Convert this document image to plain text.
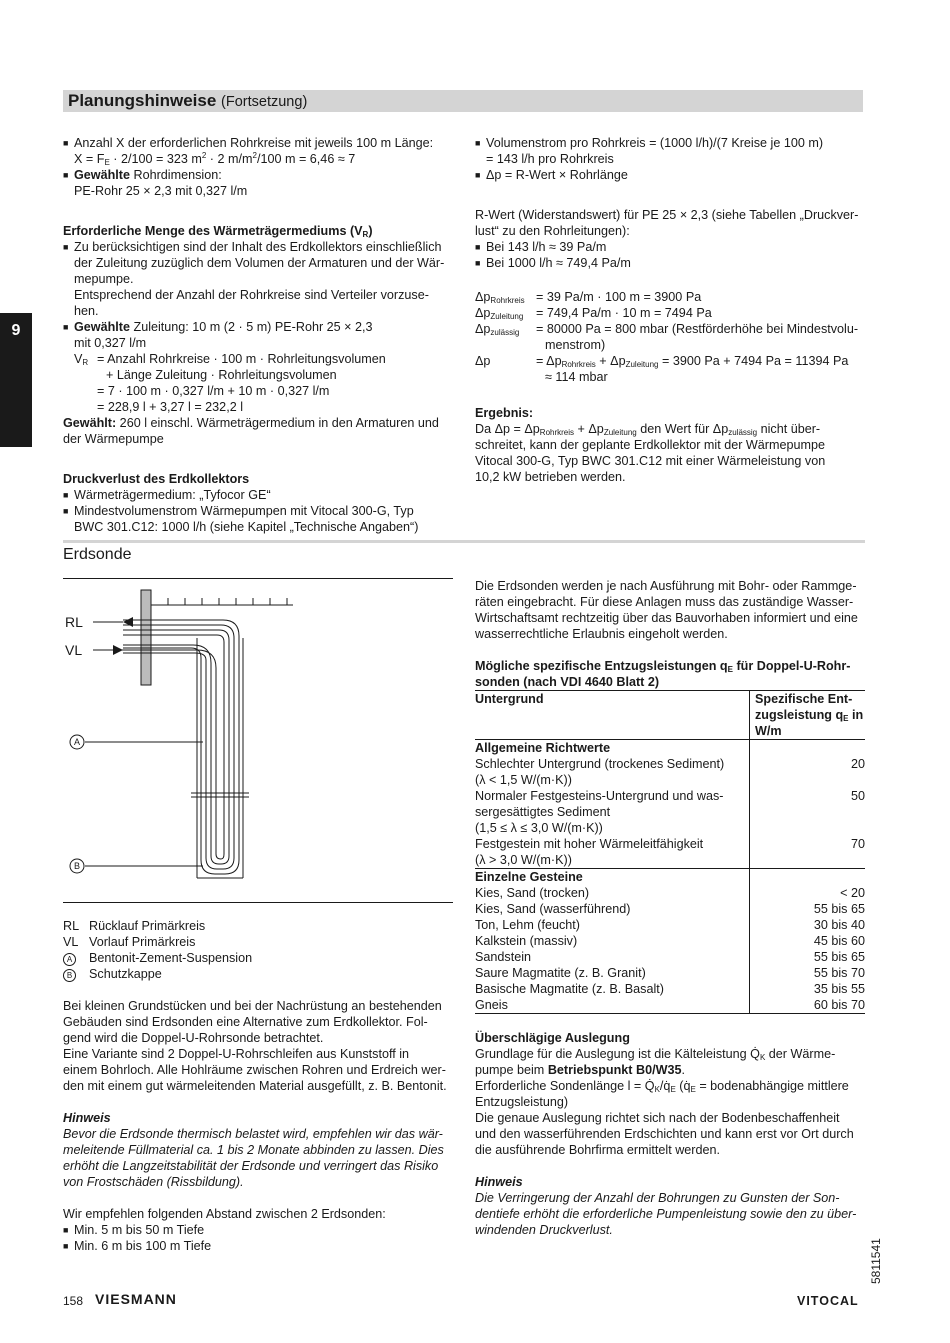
Planungshinweise (Fortsetzung)
9

■ Anzahl X der erforderlichen Rohrkreise mit jeweils 100 m Länge:
$X = F_E \cdot 2/100 = 323$ $m^2 \cdot 2$ $m/m^2/100$ m = 6,46 ≈ 7

■ Gewählte Rohrdimension:
PE-Rohr 25 × 2,3 mit 0,327 l/m

Erforderliche Menge des Wärmeträgermediums $(V_R)$

■ Zu berücksichtigen sind der Inhalt des Erdkollektors einschließlich
der Zuleitung zuzüglich dem Volumen der Armaturen und der Wär-
mepumpe.
Entsprechend der Anzahl der Rohrkreise sind Verteiler vorzuse-
hen.

■ Gewählte Zuleitung: 10 m (2 · 5 m) PE-Rohr 25 × 2,3
mit 0,327 l/m

$V_R$ = Anzahl Rohrkreise · 100 m · Rohrleitungsvolumen
+ Länge Zuleitung · Rohrleitungsvolumen
= 7 · 100 m · 0,327 l/m + 10 m · 0,327 l/m
= 228,9 l + 3,27 l = 232,2 l

Gewählt: 260 l einschl. Wärmeträgermedium in den Armaturen und
der Wärmepumpe

Druckverlust des Erdkollektors

■ Wärmeträgermedium: „Tyfocor GE“

■ Mindestvolumenstrom Wärmepumpen mit Vitocal 300-G, Typ
BWC 301.C12: 1000 l/h (siehe Kapitel „Technische Angaben“)

■ Volumenstrom pro Rohrkreis = (1000 l/h)/(7 Kreise je 100 m)
= 143 l/h pro Rohrkreis

■ Δp = R-Wert × Rohrlänge

R-Wert (Widerstandswert) für PE 25 × 2,3 (siehe Tabellen „Druckver-
lust“ zu den Rohrleitungen):

■ Bei 143 l/h ≈ 39 Pa/m

■ Bei 1000 l/h ≈ 749,4 Pa/m

$\Delta p_{Rohrkreis} = 39$ Pa/m · 100 m = 3900 Pa
$\Delta p_{Zuleitung}$	= 749,4 Pa/m · 10 m = 7494 Pa
$\Delta p_{zulässig}$	= 80000 Pa = 800 mbar (Restförderhöhe bei Mindestvolu-
menstrom)
Δp	= $\Delta p_{Rohrkreis} + \Delta p_{Zuleitung} = 3900$ Pa + 7494 Pa = 11394 Pa
≈ 114 mbar

Ergebnis:

Da $\Delta p = \Delta p_{Rohrkreis} + \Delta p_{Zuleitung}$ den Wert für $\Delta p_{zulässig}$ nicht über-
schreitet, kann der geplante Erdkollektor mit der Wärmepumpe
Vitocal 300-G, Typ BWC 301.C12 mit einer Wärmeleistung von
10,2 kW betrieben werden.

Erdsonde
RL
VL
A
B
RL	Rücklauf Primärkreis
VL	Vorlauf Primärkreis
A	Bentonit-Zement-Suspension
B	Schutzkappe

Bei kleinen Grundstücken und bei der Nachrüstung an bestehenden
Gebäuden sind Erdsonden eine Alternative zum Erdkollektor. Fol-
gend wird die Doppel-U-Rohrsonde betrachtet.
Eine Variante sind 2 Doppel-U-Rohrschleifen aus Kunststoff in
einem Bohrloch. Alle Hohlräume zwischen Rohren und Erdreich wer-
den mit einem gut wärmeleitenden Material ausgefüllt, z. B. Bentonit.

Hinweis

Bevor die Erdsonde thermisch belastet wird, empfehlen wir das wär-
meleitende Füllmaterial ca. 1 bis 2 Monate abbinden zu lassen. Dies
erhöht die Langzeitstabilität der Erdsonde und verringert das Risiko
von Frostschäden (Rissbildung).

Wir empfehlen folgenden Abstand zwischen 2 Erdsonden:

■ Min. 5 m bis 50 m Tiefe

■ Min. 6 m bis 100 m Tiefe

Die Erdsonden werden je nach Ausführung mit Bohr- oder Rammge-
räten eingebracht. Für diese Anlagen muss das zuständige Wasser-
Wirtschaftsamt rechtzeitig über das Bauvorhaben informiert und eine
wasserrechtliche Erlaubnis eingeholt werden.

Mögliche spezifische Entzugsleistungen $q_E$ für Doppel-U-Rohr-
sonden (nach VDI 4640 Blatt 2)

Untergrund	Spezifische Ent-
zugsleistung $q_E$ in
W/m
Allgemeine Richtwerte	
Schlechter Untergrund (trockenes Sediment)
(λ < 1,5 W/(m·K))	20
Normaler Festgesteins-Untergrund und was-
sergesättigtes Sediment
(1,5 ≤ λ ≤ 3,0 W/(m·K))	50
Festgestein mit hoher Wärmeleitfähigkeit
(λ > 3,0 W/(m·K))	70
Einzelne Gesteine	
Kies, Sand (trocken)	< 20
Kies, Sand (wasserführend)	55 bis 65
Ton, Lehm (feucht)	30 bis 40
Kalkstein (massiv)	45 bis 60
Sandstein	55 bis 65
Saure Magmatite (z. B. Granit)	55 bis 70
Basische Magmatite (z. B. Basalt)	35 bis 55
Gneis	60 bis 70

Überschlägige Auslegung

Grundlage für die Auslegung ist die Kälteleistung $Q̇_K$ der Wärme-
pumpe beim Betriebspunkt B0/W35.
Erforderliche Sondenlänge $l = Q̇_K/q̇_E$ ($q̇_E$ = bodenabhängige mittlere
Entzugsleistung)
Die genaue Auslegung richtet sich nach der Bodenbeschaffenheit
und den wasserführenden Erdschichten und kann erst vor Ort durch
die ausführende Bohrfirma ermittelt werden.

Hinweis

Die Verringerung der Anzahl der Bohrungen zu Gunsten der Son-
dentiefe erhöht die erforderliche Pumpenleistung sowie den zu über-
windenden Druckverlust.

5811541
158 VIESMANN	VITOCAL
